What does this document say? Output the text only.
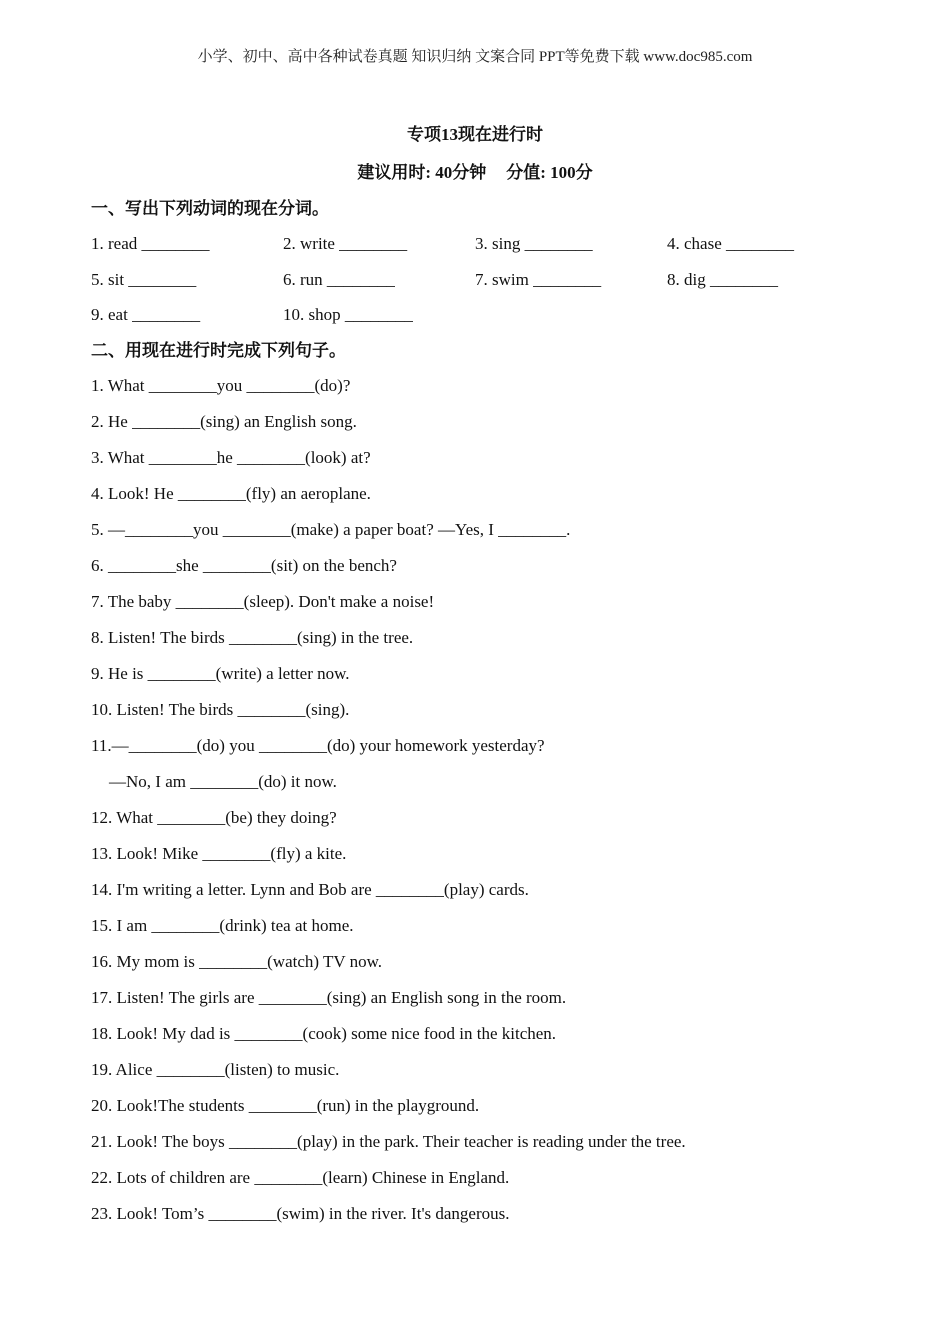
小学、初中、高中各种试卷真题 知识归纳 文案合同 PPT等免费下载 www.doc985.com
专项13现在进行时
建议用时: 40分钟 分值: 100分
一、写出下列动词的现在分词。
1. read ________	2. write ________	3. sing ________	4. chase ________
5. sit ________	6. run ________	7. swim ________	8. dig ________
9. eat ________	10. shop ________
二、用现在进行时完成下列句子。
1. What ________you ________(do)?
2. He ________(sing) an English song.
3. What ________he ________(look) at?
4. Look! He ________(fly) an aeroplane.
5. —________you ________(make) a paper boat? —Yes, I ________.
6. ________she ________(sit) on the bench?
7. The baby ________(sleep). Don't make a noise!
8. Listen! The birds ________(sing) in the tree.
9. He is ________(write) a letter now.
10. Listen! The birds ________(sing).
11.—________(do) you ________(do) your homework yesterday?
—No, I am ________(do) it now.
12. What ________(be) they doing?
13. Look! Mike ________(fly) a kite.
14. I'm writing a letter. Lynn and Bob are ________(play) cards.
15. I am ________(drink) tea at home.
16. My mom is ________(watch) TV now.
17. Listen! The girls are ________(sing) an English song in the room.
18. Look! My dad is ________(cook) some nice food in the kitchen.
19. Alice ________(listen) to music.
20. Look!The students ________(run) in the playground.
21. Look! The boys ________(play) in the park. Their teacher is reading under the tree.
22. Lots of children are ________(learn) Chinese in England.
23. Look! Tom’s ________(swim) in the river. It's dangerous.
